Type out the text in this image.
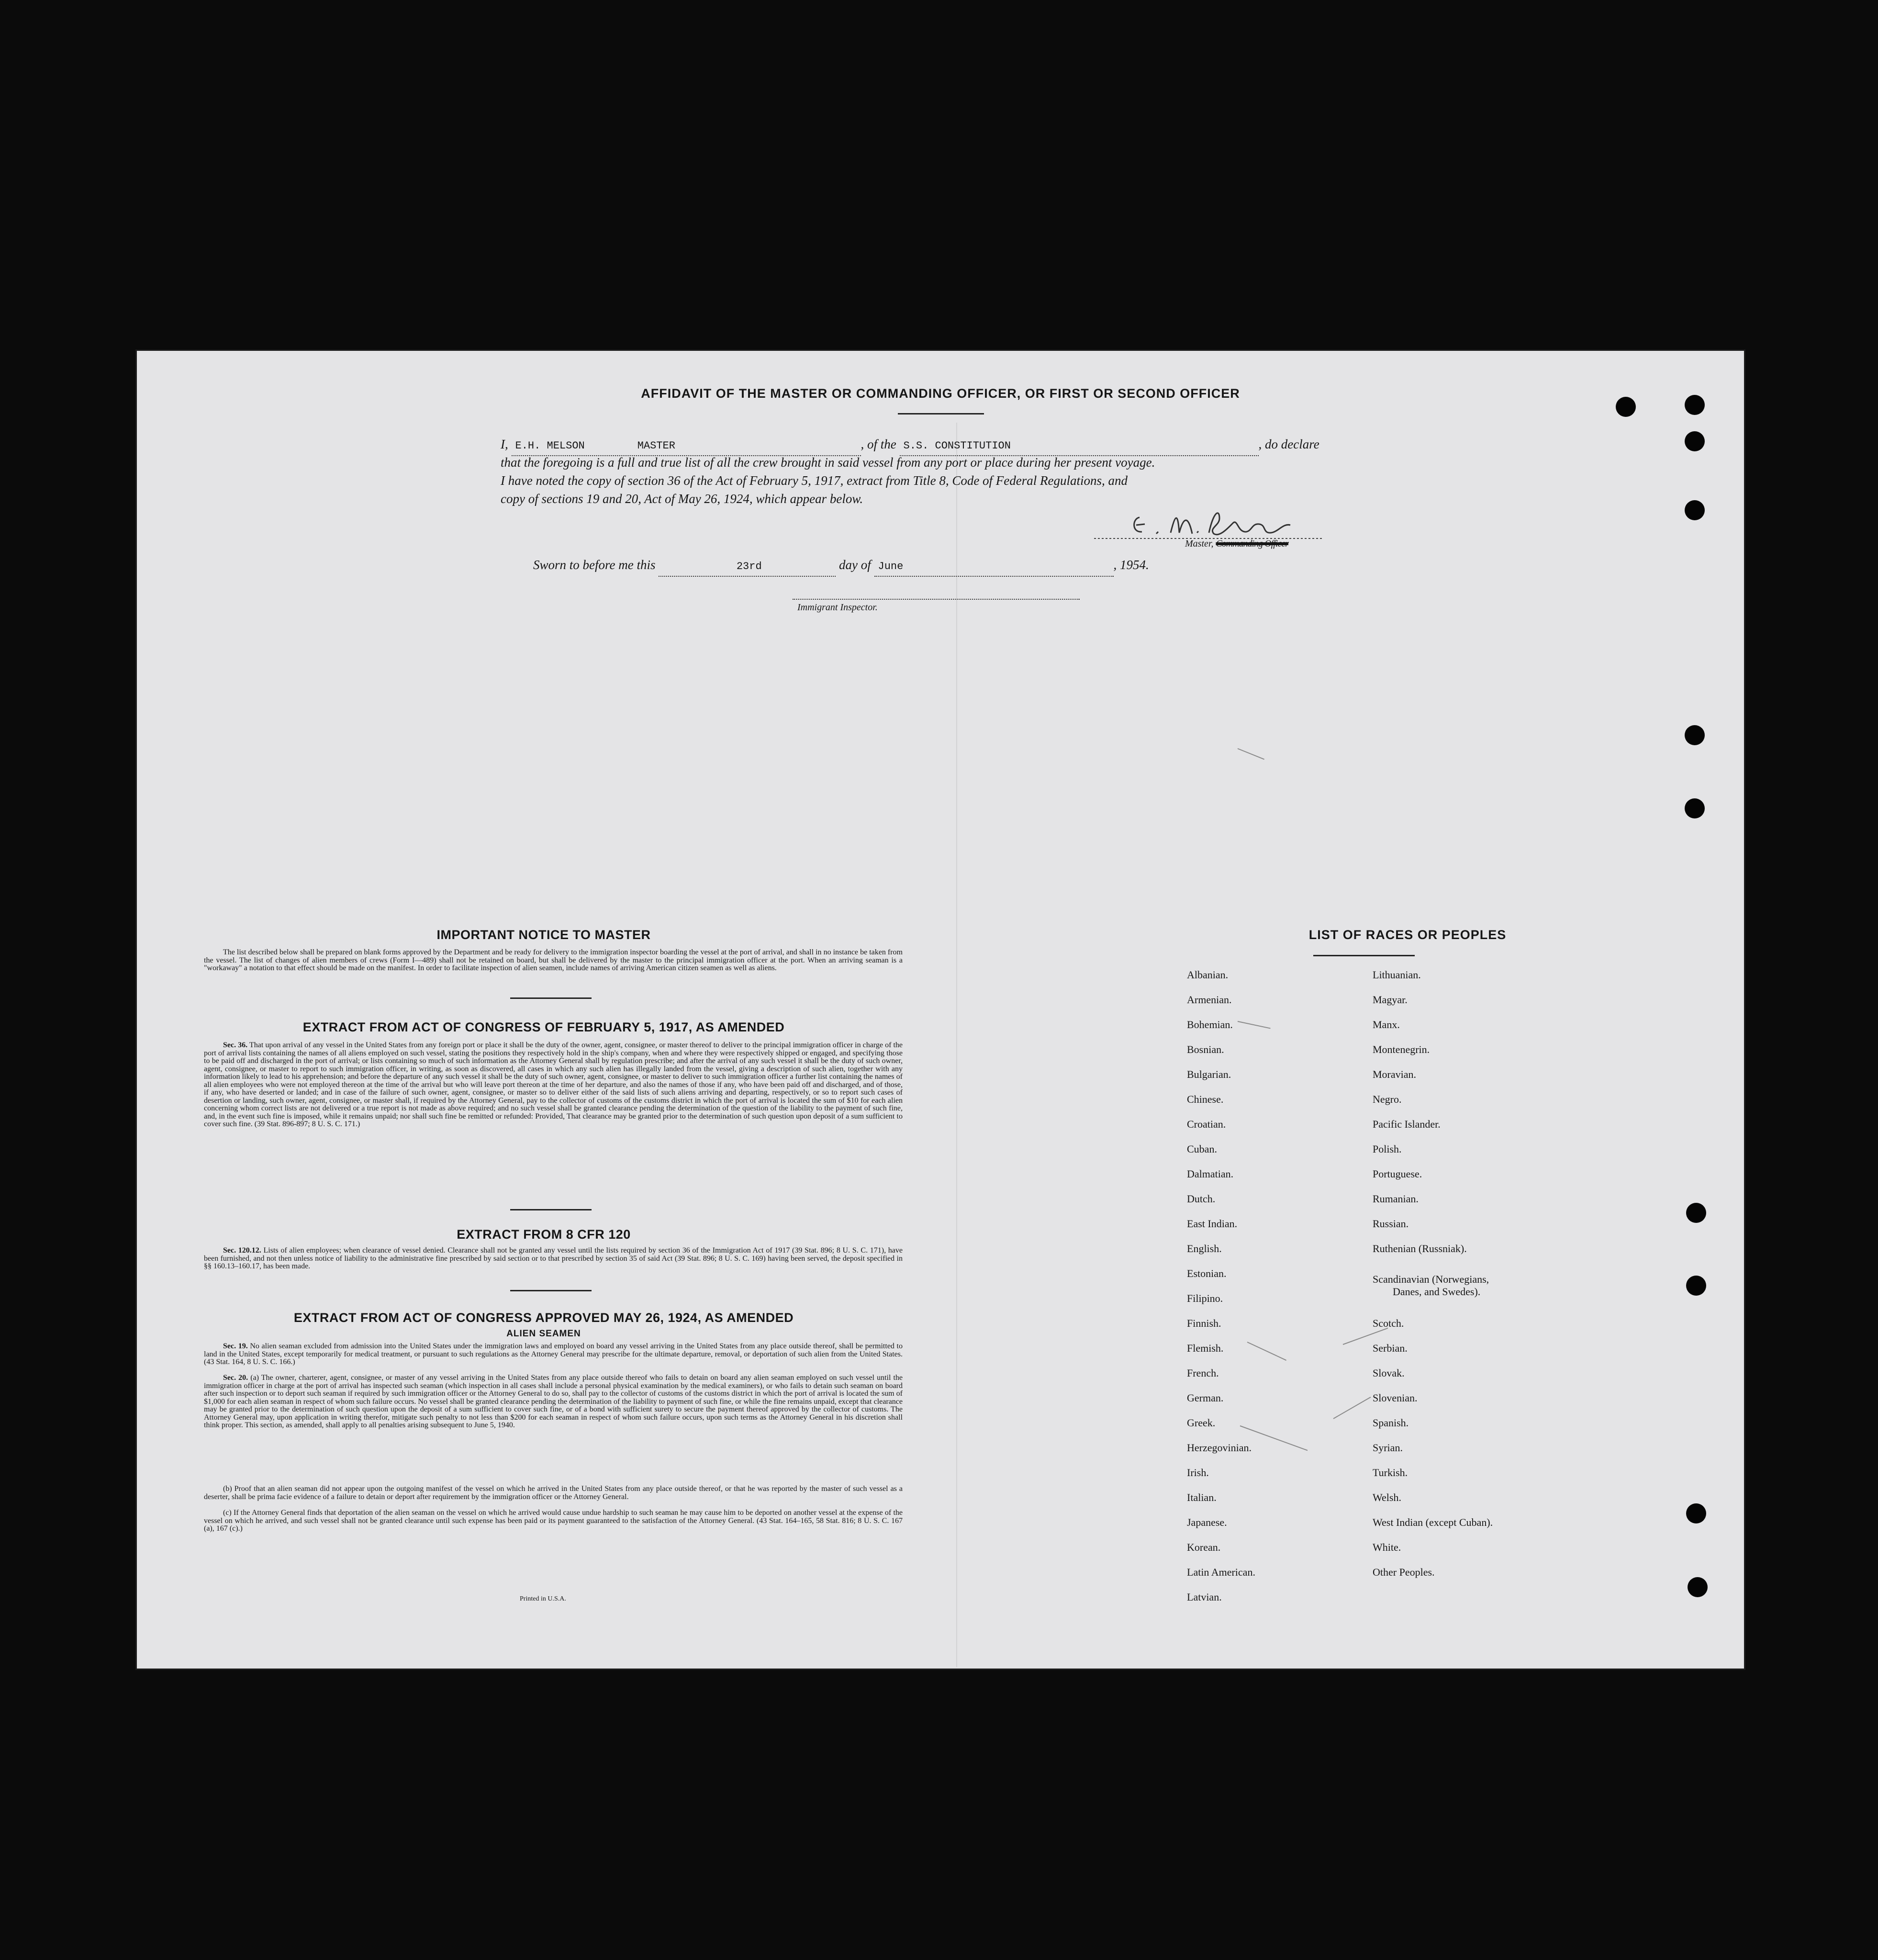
AFFIDAVIT OF THE MASTER OR COMMANDING OFFICER, OR FIRST OR SECOND OFFICER
I, E.H. MELSON	MASTER	, of the S.S. CONSTITUTION	, do declare
that the foregoing is a full and true list of all the crew brought in said vessel from any port or place during her present voyage.
I have noted the copy of section 36 of the Act of February 5, 1917, extract from Title 8, Code of Federal Regulations, and
copy of sections 19 and 20, Act of May 26, 1924, which appear below.
Master, Commanding Officer
Sworn to before me this	23rd	day of June	, 1954.
Immigrant Inspector.
IMPORTANT NOTICE TO MASTER
The list described below shall be prepared on blank forms approved by the Department and be ready for delivery to the immigration inspector boarding the vessel at the port of arrival, and shall in no instance be taken from the vessel. The list of changes of alien members of crews (Form I—489) shall not be retained on board, but shall be delivered by the master to the principal immigration officer at the port. When an arriving seaman is a "workaway" a notation to that effect should be made on the manifest. In order to facilitate inspection of alien seamen, include names of arriving American citizen seamen as well as aliens.
EXTRACT FROM ACT OF CONGRESS OF FEBRUARY 5, 1917, AS AMENDED
Sec. 36. That upon arrival of any vessel in the United States from any foreign port or place it shall be the duty of the owner, agent, consignee, or master thereof to deliver to the principal immigration officer in charge of the port of arrival lists containing the names of all aliens employed on such vessel, stating the positions they respectively hold in the ship's company, when and where they were respectively shipped or engaged, and specifying those to be paid off and discharged in the port of arrival; or lists containing so much of such information as the Attorney General shall by regulation prescribe; and after the arrival of any such vessel it shall be the duty of such owner, agent, consignee, or master to report to such immigration officer, in writing, as soon as discovered, all cases in which any such alien has illegally landed from the vessel, giving a description of such alien, together with any information likely to lead to his apprehension; and before the departure of any such vessel it shall be the duty of such owner, agent, consignee, or master to deliver to such immigration officer a further list containing the names of all alien employees who were not employed thereon at the time of the arrival but who will leave port thereon at the time of her departure, and also the names of those if any, who have been paid off and discharged, and of those, if any, who have deserted or landed; and in case of the failure of such owner, agent, consignee, or master so to deliver either of the said lists of such aliens arriving and departing, respectively, or so to report such cases of desertion or landing, such owner, agent, consignee, or master shall, if required by the Attorney General, pay to the collector of customs of the customs district in which the port of arrival is located the sum of $10 for each alien concerning whom correct lists are not delivered or a true report is not made as above required; and no such vessel shall be granted clearance pending the determination of the question of the liability to the payment of such fine, and, in the event such fine is imposed, while it remains unpaid; nor shall such fine be remitted or refunded: Provided, That clearance may be granted prior to the determination of such question upon deposit of a sum sufficient to cover such fine. (39 Stat. 896-897; 8 U. S. C. 171.)
EXTRACT FROM 8 CFR 120
Sec. 120.12. Lists of alien employees; when clearance of vessel denied. Clearance shall not be granted any vessel until the lists required by section 36 of the Immigration Act of 1917 (39 Stat. 896; 8 U. S. C. 171), have been furnished, and not then unless notice of liability to the administrative fine prescribed by said section or to that prescribed by section 35 of said Act (39 Stat. 896; 8 U. S. C. 169) having been served, the deposit specified in §§ 160.13–160.17, has been made.
EXTRACT FROM ACT OF CONGRESS APPROVED MAY 26, 1924, AS AMENDED
ALIEN SEAMEN
Sec. 19. No alien seaman excluded from admission into the United States under the immigration laws and employed on board any vessel arriving in the United States from any place outside thereof, shall be permitted to land in the United States, except temporarily for medical treatment, or pursuant to such regulations as the Attorney General may prescribe for the ultimate departure, removal, or deportation of such alien from the United States. (43 Stat. 164, 8 U. S. C. 166.)
Sec. 20. (a) The owner, charterer, agent, consignee, or master of any vessel arriving in the United States from any place outside thereof who fails to detain on board any alien seaman employed on such vessel until the immigration officer in charge at the port of arrival has inspected such seaman (which inspection in all cases shall include a personal physical examination by the medical examiners), or who fails to detain such seaman on board after such inspection or to deport such seaman if required by such immigration officer or the Attorney General to do so, shall pay to the collector of customs of the customs district in which the port of arrival is located the sum of $1,000 for each alien seaman in respect of whom such failure occurs. No vessel shall be granted clearance pending the determination of the liability to payment of such fine, or while the fine remains unpaid, except that clearance may be granted prior to the determination of such question upon the deposit of a sum sufficient to cover such fine, or of a bond with sufficient surety to secure the payment thereof approved by the collector of customs. The Attorney General may, upon application in writing therefor, mitigate such penalty to not less than $200 for each seaman in respect of whom such failure occurs, upon such terms as the Attorney General in his discretion shall think proper. This section, as amended, shall apply to all penalties arising subsequent to June 5, 1940.
(b) Proof that an alien seaman did not appear upon the outgoing manifest of the vessel on which he arrived in the United States from any place outside thereof, or that he was reported by the master of such vessel as a deserter, shall be prima facie evidence of a failure to detain or deport after requirement by the immigration officer or the Attorney General.
(c) If the Attorney General finds that deportation of the alien seaman on the vessel on which he arrived would cause undue hardship to such seaman he may cause him to be deported on another vessel at the expense of the vessel on which he arrived, and such vessel shall not be granted clearance until such expense has been paid or its payment guaranteed to the satisfaction of the Attorney General. (43 Stat. 164–165, 58 Stat. 816; 8 U. S. C. 167 (a), 167 (c).)
Printed in U.S.A.
LIST OF RACES OR PEOPLES
Albanian.
Armenian.
Bohemian.
Bosnian.
Bulgarian.
Chinese.
Croatian.
Cuban.
Dalmatian.
Dutch.
East Indian.
English.
Estonian.
Filipino.
Finnish.
Flemish.
French.
German.
Greek.
Herzegovinian.
Irish.
Italian.
Japanese.
Korean.
Latin American.
Latvian.
Lithuanian.
Magyar.
Manx.
Montenegrin.
Moravian.
Negro.
Pacific Islander.
Polish.
Portuguese.
Rumanian.
Russian.
Ruthenian (Russniak).
Scandinavian (Norwegians,
Danes, and Swedes).
Scotch.
Serbian.
Slovak.
Slovenian.
Spanish.
Syrian.
Turkish.
Welsh.
West Indian (except Cuban).
White.
Other Peoples.
